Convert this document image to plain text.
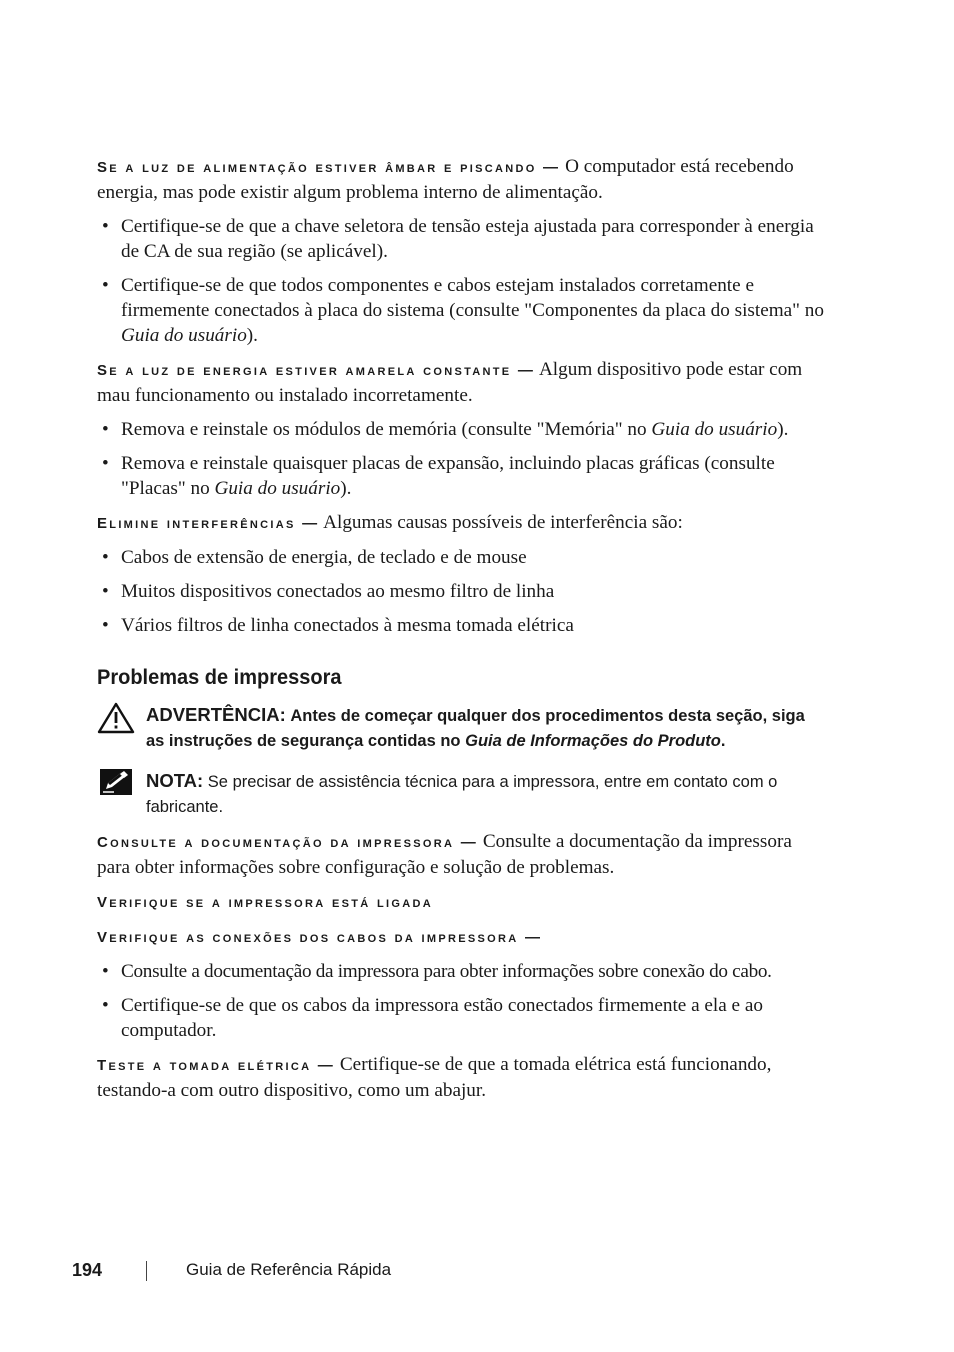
Se a luz de alimentação estiver âmbar e piscando — O computador está recebendo energia, mas pode existir algum problema interno de alimentação.

• Certifique-se de que a chave seletora de tensão esteja ajustada para corresponder à energia de CA de sua região (se aplicável).
• Certifique-se de que todos componentes e cabos estejam instalados corretamente e firmemente conectados à placa do sistema (consulte "Componentes da placa do sistema" no Guia do usuário).

Se a luz de energia estiver amarela constante — Algum dispositivo pode estar com mau funcionamento ou instalado incorretamente.

• Remova e reinstale os módulos de memória (consulte "Memória" no Guia do usuário).
• Remova e reinstale quaisquer placas de expansão, incluindo placas gráficas (consulte "Placas" no Guia do usuário).

Elimine interferências — Algumas causas possíveis de interferência são:

• Cabos de extensão de energia, de teclado e de mouse
• Muitos dispositivos conectados ao mesmo filtro de linha
• Vários filtros de linha conectados à mesma tomada elétrica
Problemas de impressora
ADVERTÊNCIA: Antes de começar qualquer dos procedimentos desta seção, siga as instruções de segurança contidas no Guia de Informações do Produto.
NOTA: Se precisar de assistência técnica para a impressora, entre em contato com o fabricante.

Consulte a documentação da impressora — Consulte a documentação da impressora para obter informações sobre configuração e solução de problemas.

Verifique se a impressora está ligada

Verifique as conexões dos cabos da impressora —

• Consulte a documentação da impressora para obter informações sobre conexão do cabo.
• Certifique-se de que os cabos da impressora estão conectados firmemente a ela e ao computador.

Teste a tomada elétrica — Certifique-se de que a tomada elétrica está funcionando, testando-a com outro dispositivo, como um abajur.

194	Guia de Referência Rápida
